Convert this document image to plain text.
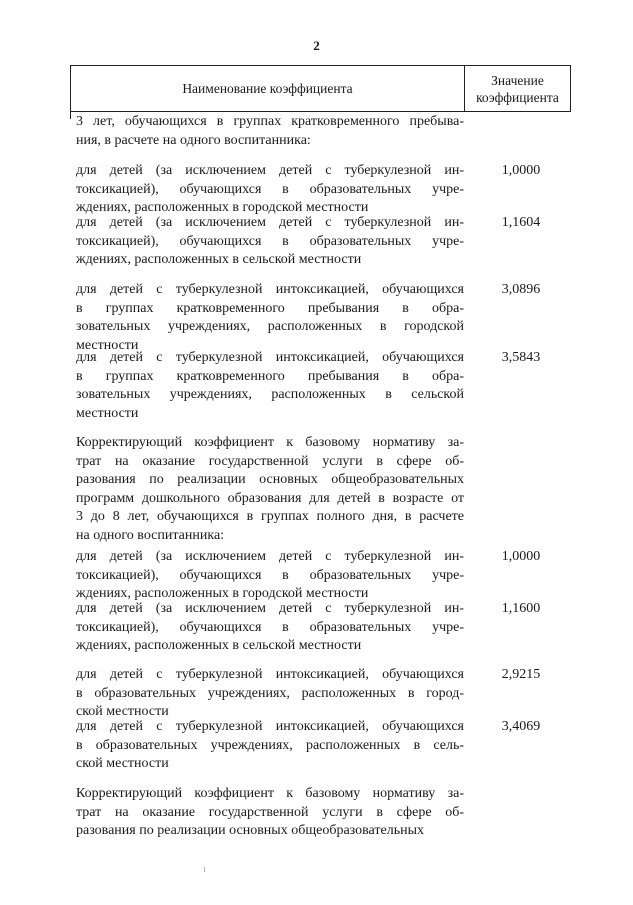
2
Наименование коэффициента
Значение
коэффициента
3 лет, обучающихся в группах кратковременного пребыва-
ния, в расчете на одного воспитанника:
для детей (за исключением детей с туберкулезной ин-
токсикацией), обучающихся в образовательных учре-
ждениях, расположенных в городской местности
1,0000
для детей (за исключением детей с туберкулезной ин-
токсикацией), обучающихся в образовательных учре-
ждениях, расположенных в сельской местности
1,1604
для детей с туберкулезной интоксикацией, обучающихся
в группах кратковременного пребывания в обра-
зовательных учреждениях, расположенных в городской
местности
3,0896
для детей с туберкулезной интоксикацией, обучающихся
в группах кратковременного пребывания в обра-
зовательных учреждениях, расположенных в сельской
местности
3,5843
Корректирующий коэффициент к базовому нормативу за-
трат на оказание государственной услуги в сфере об-
разования по реализации основных общеобразовательных
программ дошкольного образования для детей в возрасте от
3 до 8 лет, обучающихся в группах полного дня, в расчете
на одного воспитанника:
для детей (за исключением детей с туберкулезной ин-
токсикацией), обучающихся в образовательных учре-
ждениях, расположенных в городской местности
1,0000
для детей (за исключением детей с туберкулезной ин-
токсикацией), обучающихся в образовательных учре-
ждениях, расположенных в сельской местности
1,1600
для детей с туберкулезной интоксикацией, обучающихся
в образовательных учреждениях, расположенных в город-
ской местности
2,9215
для детей с туберкулезной интоксикацией, обучающихся
в образовательных учреждениях, расположенных в сель-
ской местности
3,4069
Корректирующий коэффициент к базовому нормативу за-
трат на оказание государственной услуги в сфере об-
разования по реализации основных общеобразовательных
